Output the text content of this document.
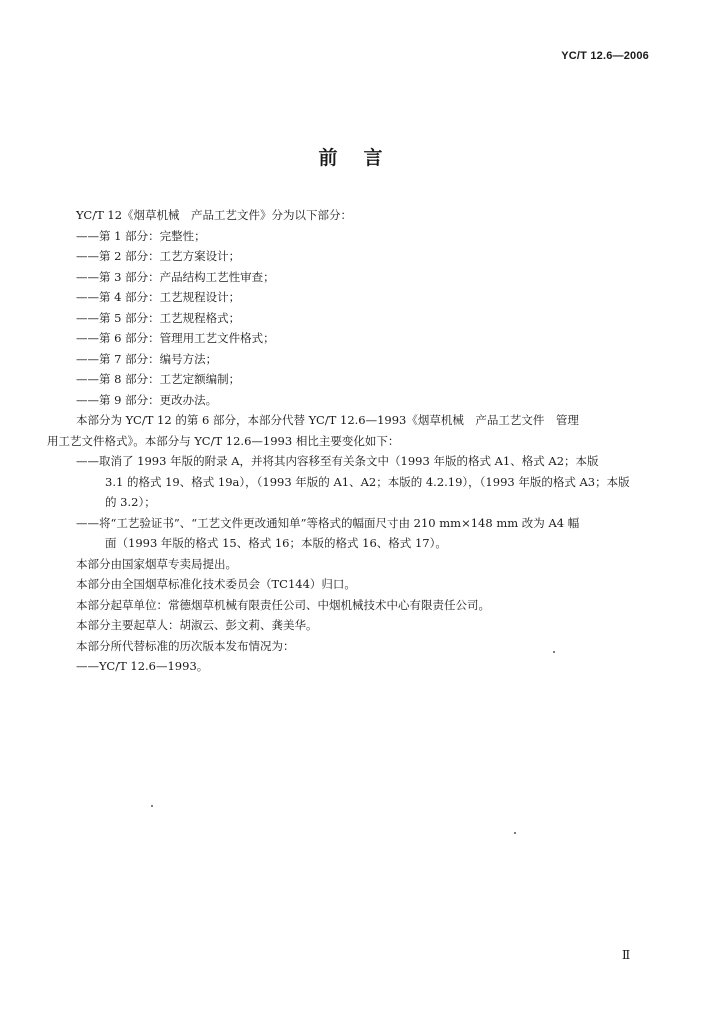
YC/T 12.6—2006
前言
YC/T 12《烟草机械　产品工艺文件》分为以下部分：
——第 1 部分：完整性；
——第 2 部分：工艺方案设计；
——第 3 部分：产品结构工艺性审查；
——第 4 部分：工艺规程设计；
——第 5 部分：工艺规程格式；
——第 6 部分：管理用工艺文件格式；
——第 7 部分：编号方法；
——第 8 部分：工艺定额编制；
——第 9 部分：更改办法。
本部分为 YC/T 12 的第 6 部分，本部分代替 YC/T 12.6—1993《烟草机械　产品工艺文件　管理
用工艺文件格式》。本部分与 YC/T 12.6—1993 相比主要变化如下：
——取消了 1993 年版的附录 A，并将其内容移至有关条文中（1993 年版的格式 A1、格式 A2；本版
3.1 的格式 19、格式 19a），（1993 年版的 A1、A2；本版的 4.2.19），（1993 年版的格式 A3；本版
的 3.2）；
——将“工艺验证书”、“工艺文件更改通知单”等格式的幅面尺寸由 210 mm×148 mm 改为 A4 幅
面（1993 年版的格式 15、格式 16；本版的格式 16、格式 17）。
本部分由国家烟草专卖局提出。
本部分由全国烟草标准化技术委员会（TC144）归口。
本部分起草单位：常德烟草机械有限责任公司、中烟机械技术中心有限责任公司。
本部分主要起草人：胡淑云、彭文莉、龚美华。
本部分所代替标准的历次版本发布情况为：
——YC/T 12.6—1993。
Ⅱ
